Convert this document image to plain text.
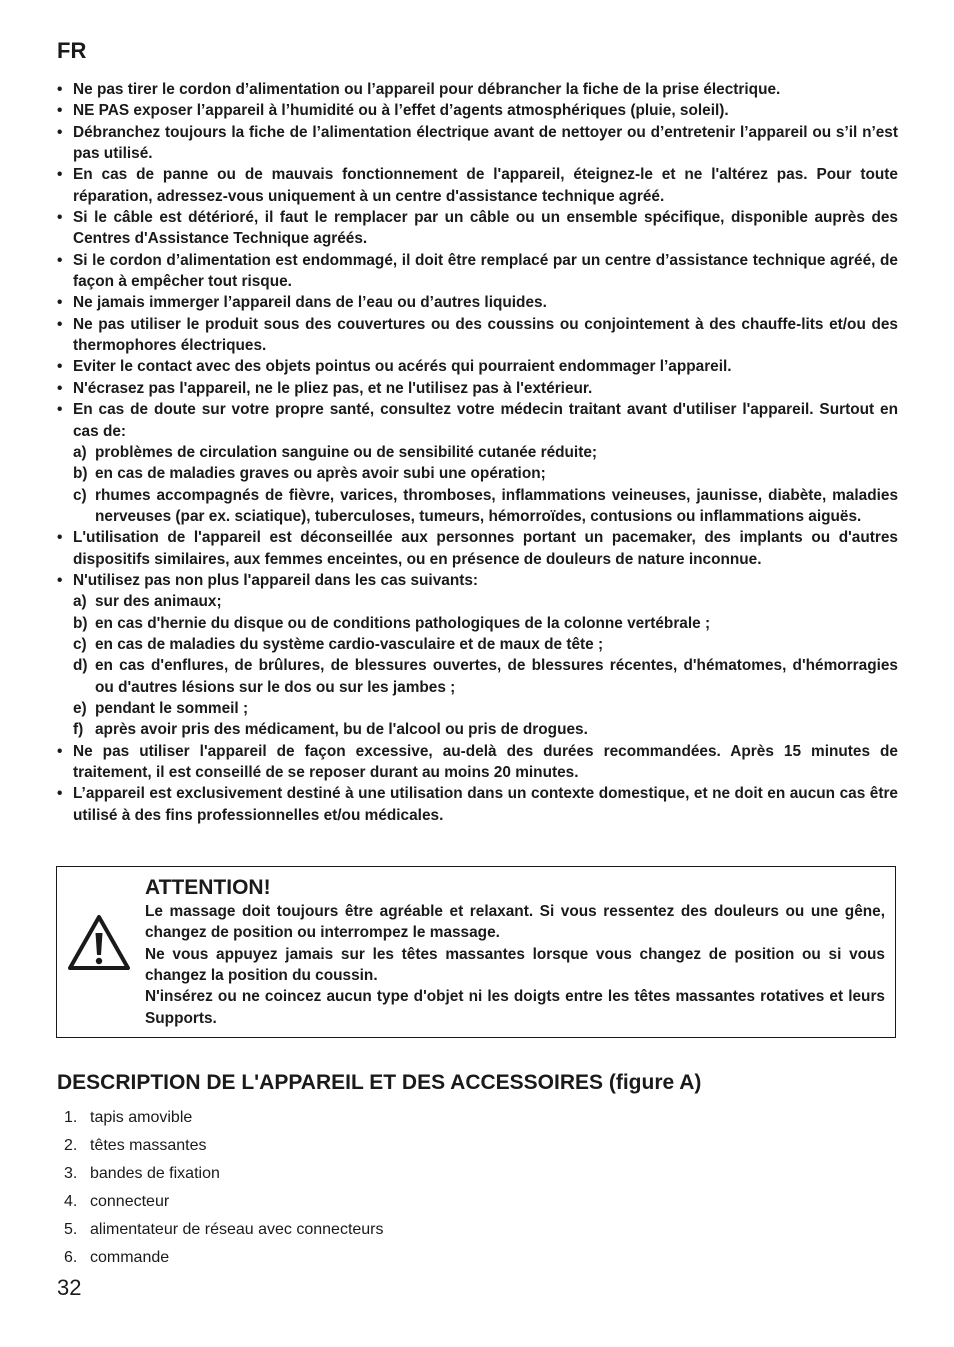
FR
• Ne pas tirer le cordon d’alimentation ou l’appareil pour débrancher la fiche de la prise électrique.
• NE PAS exposer l’appareil à l’humidité ou à l’effet d’agents atmosphériques (pluie, soleil).
• Débranchez toujours la fiche de l’alimentation électrique avant de nettoyer ou d’entretenir l’appareil ou s’il n’est pas utilisé.
• En cas de panne ou de mauvais fonctionnement de l'appareil, éteignez-le et ne l'altérez pas. Pour toute réparation, adressez-vous uniquement à un centre d'assistance technique agréé.
• Si le câble est détérioré, il faut le remplacer par un câble ou un ensemble spécifique, disponible auprès des Centres d'Assistance Technique agréés.
• Si le cordon d’alimentation est endommagé, il doit être remplacé par un centre d’assistance technique agréé, de façon à empêcher tout risque.
• Ne jamais immerger l’appareil dans de l’eau ou d’autres liquides.
• Ne pas utiliser le produit sous des couvertures ou des coussins ou conjointement à des chauffe-lits et/ou des thermophores électriques.
• Eviter le contact avec des objets pointus ou acérés qui pourraient endommager l’appareil.
• N'écrasez pas l'appareil, ne le pliez pas, et ne l'utilisez pas à l'extérieur.
• En cas de doute sur votre propre santé, consultez votre médecin traitant avant d'utiliser l'appareil. Surtout en cas de:
a) problèmes de circulation sanguine ou de sensibilité cutanée réduite;
b) en cas de maladies graves ou après avoir subi une opération;
c) rhumes accompagnés de fièvre, varices, thromboses, inflammations veineuses, jaunisse, diabète, maladies nerveuses (par ex. sciatique), tuberculoses, tumeurs, hémorroïdes, contusions ou inflammations aiguës.
• L'utilisation de l'appareil est déconseillée aux personnes portant un pacemaker, des implants ou d'autres dispositifs similaires, aux femmes enceintes, ou en présence de douleurs de nature inconnue.
• N'utilisez pas non plus l'appareil dans les cas suivants:
a) sur des animaux;
b) en cas d'hernie du disque ou de conditions pathologiques de la colonne vertébrale ;
c) en cas de maladies du système cardio-vasculaire et de maux de tête ;
d) en cas d'enflures, de brûlures, de blessures ouvertes, de blessures récentes, d'hématomes, d'hémorragies ou d'autres lésions sur le dos ou sur les jambes ;
e) pendant le sommeil ;
f) après avoir pris des médicament, bu de l'alcool ou pris de drogues.
• Ne pas utiliser l'appareil de façon excessive, au-delà des durées recommandées. Après 15 minutes de traitement, il est conseillé de se reposer durant au moins 20 minutes.
• L’appareil est exclusivement destiné à une utilisation dans un contexte domestique, et ne doit en aucun cas être utilisé à des fins professionnelles et/ou médicales.
ATTENTION!

Le massage doit toujours être agréable et relaxant. Si vous ressentez des douleurs ou une gêne, changez de position ou interrompez le massage.

Ne vous appuyez jamais sur les têtes massantes lorsque vous changez de position ou si vous changez la position du coussin.

N'insérez ou ne coincez aucun type d'objet ni les doigts entre les têtes massantes rotatives et leurs Supports.

DESCRIPTION DE L'APPAREIL ET DES ACCESSOIRES (figure A)
1. tapis amovible
2. têtes massantes
3. bandes de fixation
4. connecteur
5. alimentateur de réseau avec connecteurs
6. commande
32
